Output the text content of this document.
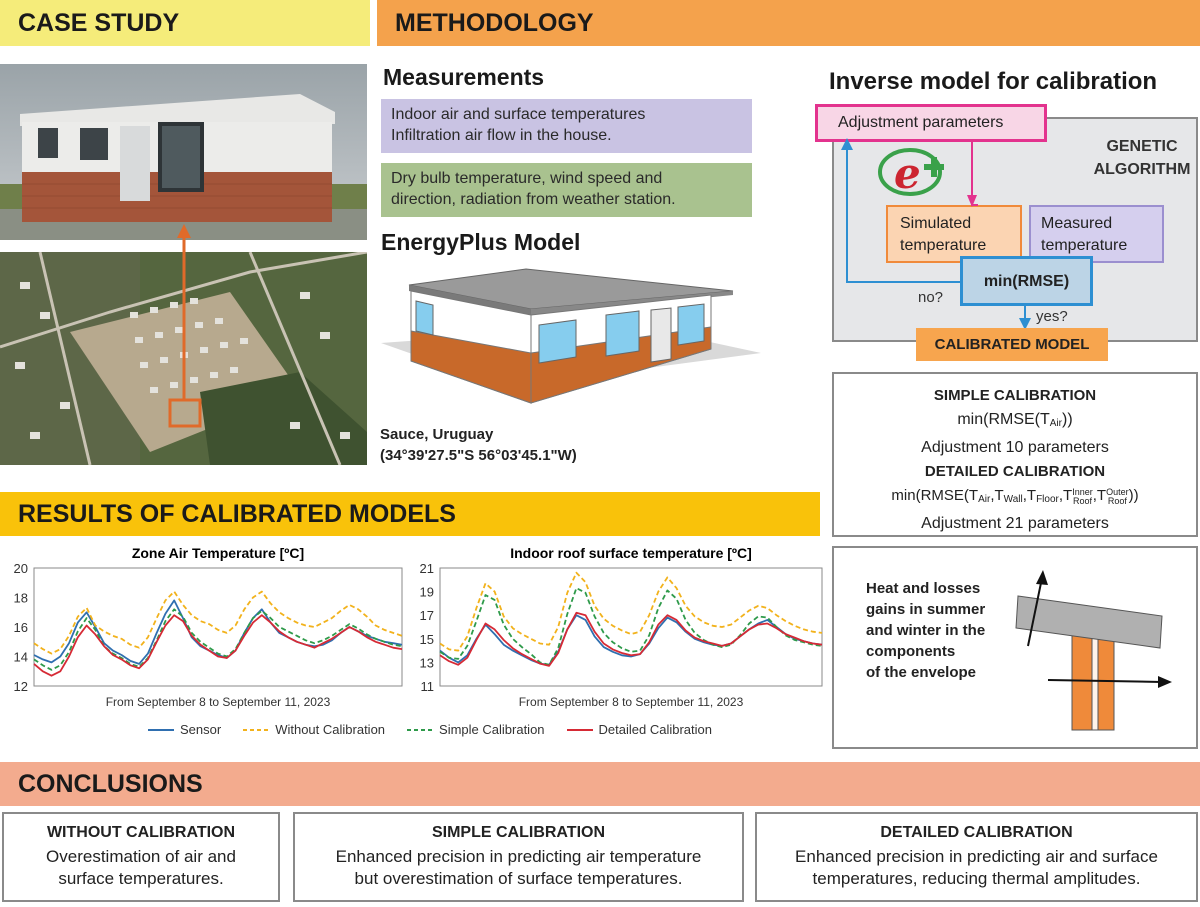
CASE STUDY	METHODOLOGY
Measurements
Indoor air and surface temperatures
Infiltration air flow in the house.
Dry bulb temperature, wind speed and
direction, radiation from weather station.
EnergyPlus Model
Sauce, Uruguay
(34°39'27.5"S 56°03'45.1"W)
Inverse model for calibration
GENETIC
ALGORITHM
Adjustment parameters
e
Simulated
temperature
Measured
temperature
min(RMSE)
no?
yes?
CALIBRATED MODEL
SIMPLE CALIBRATION
$\min(RMSE(T_{Air}))$
Adjustment 10 parameters
DETAILED CALIBRATION
$\min(RMSE(T_{Air},T_{Wall},T_{Floor},TInner$
Roof,TOuter
Roof ))
Adjustment 21 parameters
Heat and losses
gains in summer
and winter in the
components
of the envelope
RESULTS OF CALIBRATED MODELS
Zone Air Temperature [ºC]
12
14
16
18
20
From September 8 to September 11, 2023
Indoor roof surface temperature [ºC]
11
13
15
17
19
21
From September 8 to September 11, 2023
Sensor	Without Calibration	Simple Calibration	Detailed Calibration
CONCLUSIONS
WITHOUT CALIBRATION
Overestimation of air and
surface temperatures.
SIMPLE CALIBRATION
Enhanced precision in predicting air temperature
but overestimation of surface temperatures.
DETAILED CALIBRATION
Enhanced precision in predicting air and surface
temperatures, reducing thermal amplitudes.
